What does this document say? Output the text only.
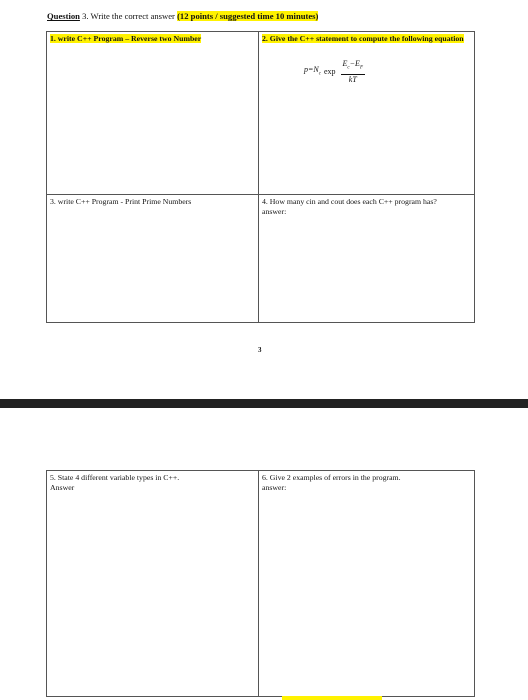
Question 3. Write the correct answer (12 points / suggested time 10 minutes)
1. write C++ Program – Reverse two Number	2. Give the C++ statement to compute the following equation
$p=N_c$ $\exp \frac{E_c-E_F}{kT}$

3. write C++ Program - Print Prime Numbers	4. How many cin and cout does each C++ program has?
answer:
3
5. State 4 different variable types in C++.
Answer

6. Give 2 examples of errors in the program.
answer:
